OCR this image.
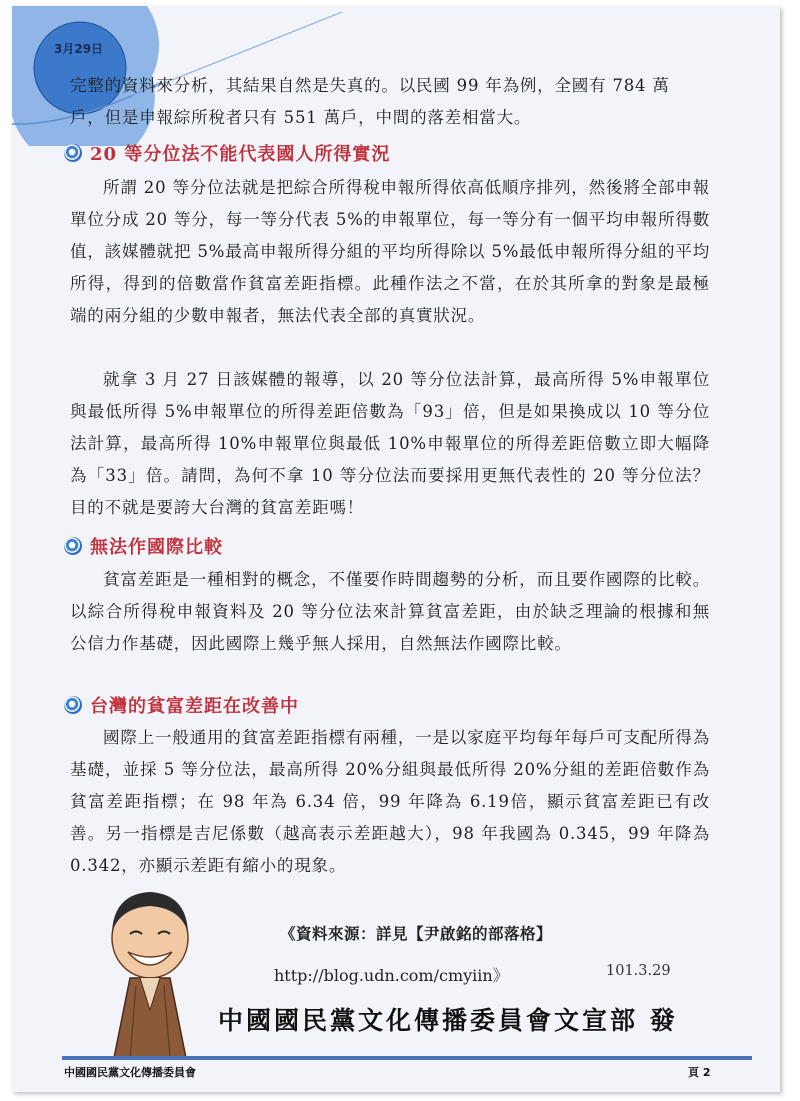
3月29日

完整的資料來分析，其結果自然是失真的。以民國 99 年為例，全國有 784 萬

戶，但是申報綜所稅者只有 551 萬戶，中間的落差相當大。

20 等分位法不能代表國人所得實況

所謂 20 等分位法就是把綜合所得稅申報所得依高低順序排列，然後將全部申報單位分成 20 等分，每一等分代表 5%的申報單位，每一等分有一個平均申報所得數值，該媒體就把 5%最高申報所得分組的平均所得除以 5%最低申報所得分組的平均所得，得到的倍數當作貧富差距指標。此種作法之不當，在於其所拿的對象是最極端的兩分組的少數申報者，無法代表全部的真實狀況。

就拿 3 月 27 日該媒體的報導，以 20 等分位法計算，最高所得 5%申報單位與最低所得 5%申報單位的所得差距倍數為「93」倍，但是如果換成以 10 等分位法計算，最高所得 10%申報單位與最低 10%申報單位的所得差距倍數立即大幅降為「33」倍。請問，為何不拿 10 等分位法而要採用更無代表性的 20 等分位法？目的不就是要誇大台灣的貧富差距嗎！

無法作國際比較

貧富差距是一種相對的概念，不僅要作時間趨勢的分析，而且要作國際的比較。以綜合所得稅申報資料及 20 等分位法來計算貧富差距，由於缺乏理論的根據和無公信力作基礎，因此國際上幾乎無人採用，自然無法作國際比較。

台灣的貧富差距在改善中

國際上一般通用的貧富差距指標有兩種，一是以家庭平均每年每戶可支配所得為基礎，並採 5 等分位法，最高所得 20%分組與最低所得 20%分組的差距倍數作為貧富差距指標；在 98 年為 6.34 倍，99 年降為 6.19倍，顯示貧富差距已有改善。另一指標是吉尼係數（越高表示差距越大），98 年我國為 0.345，99 年降為 0.342，亦顯示差距有縮小的現象。

《資料來源：詳見【尹啟銘的部落格】
http://blog.udn.com/cmyiin》	101.3.29
中國國民黨文化傳播委員會文宣部 發
中國國民黨文化傳播委員會	頁 2
